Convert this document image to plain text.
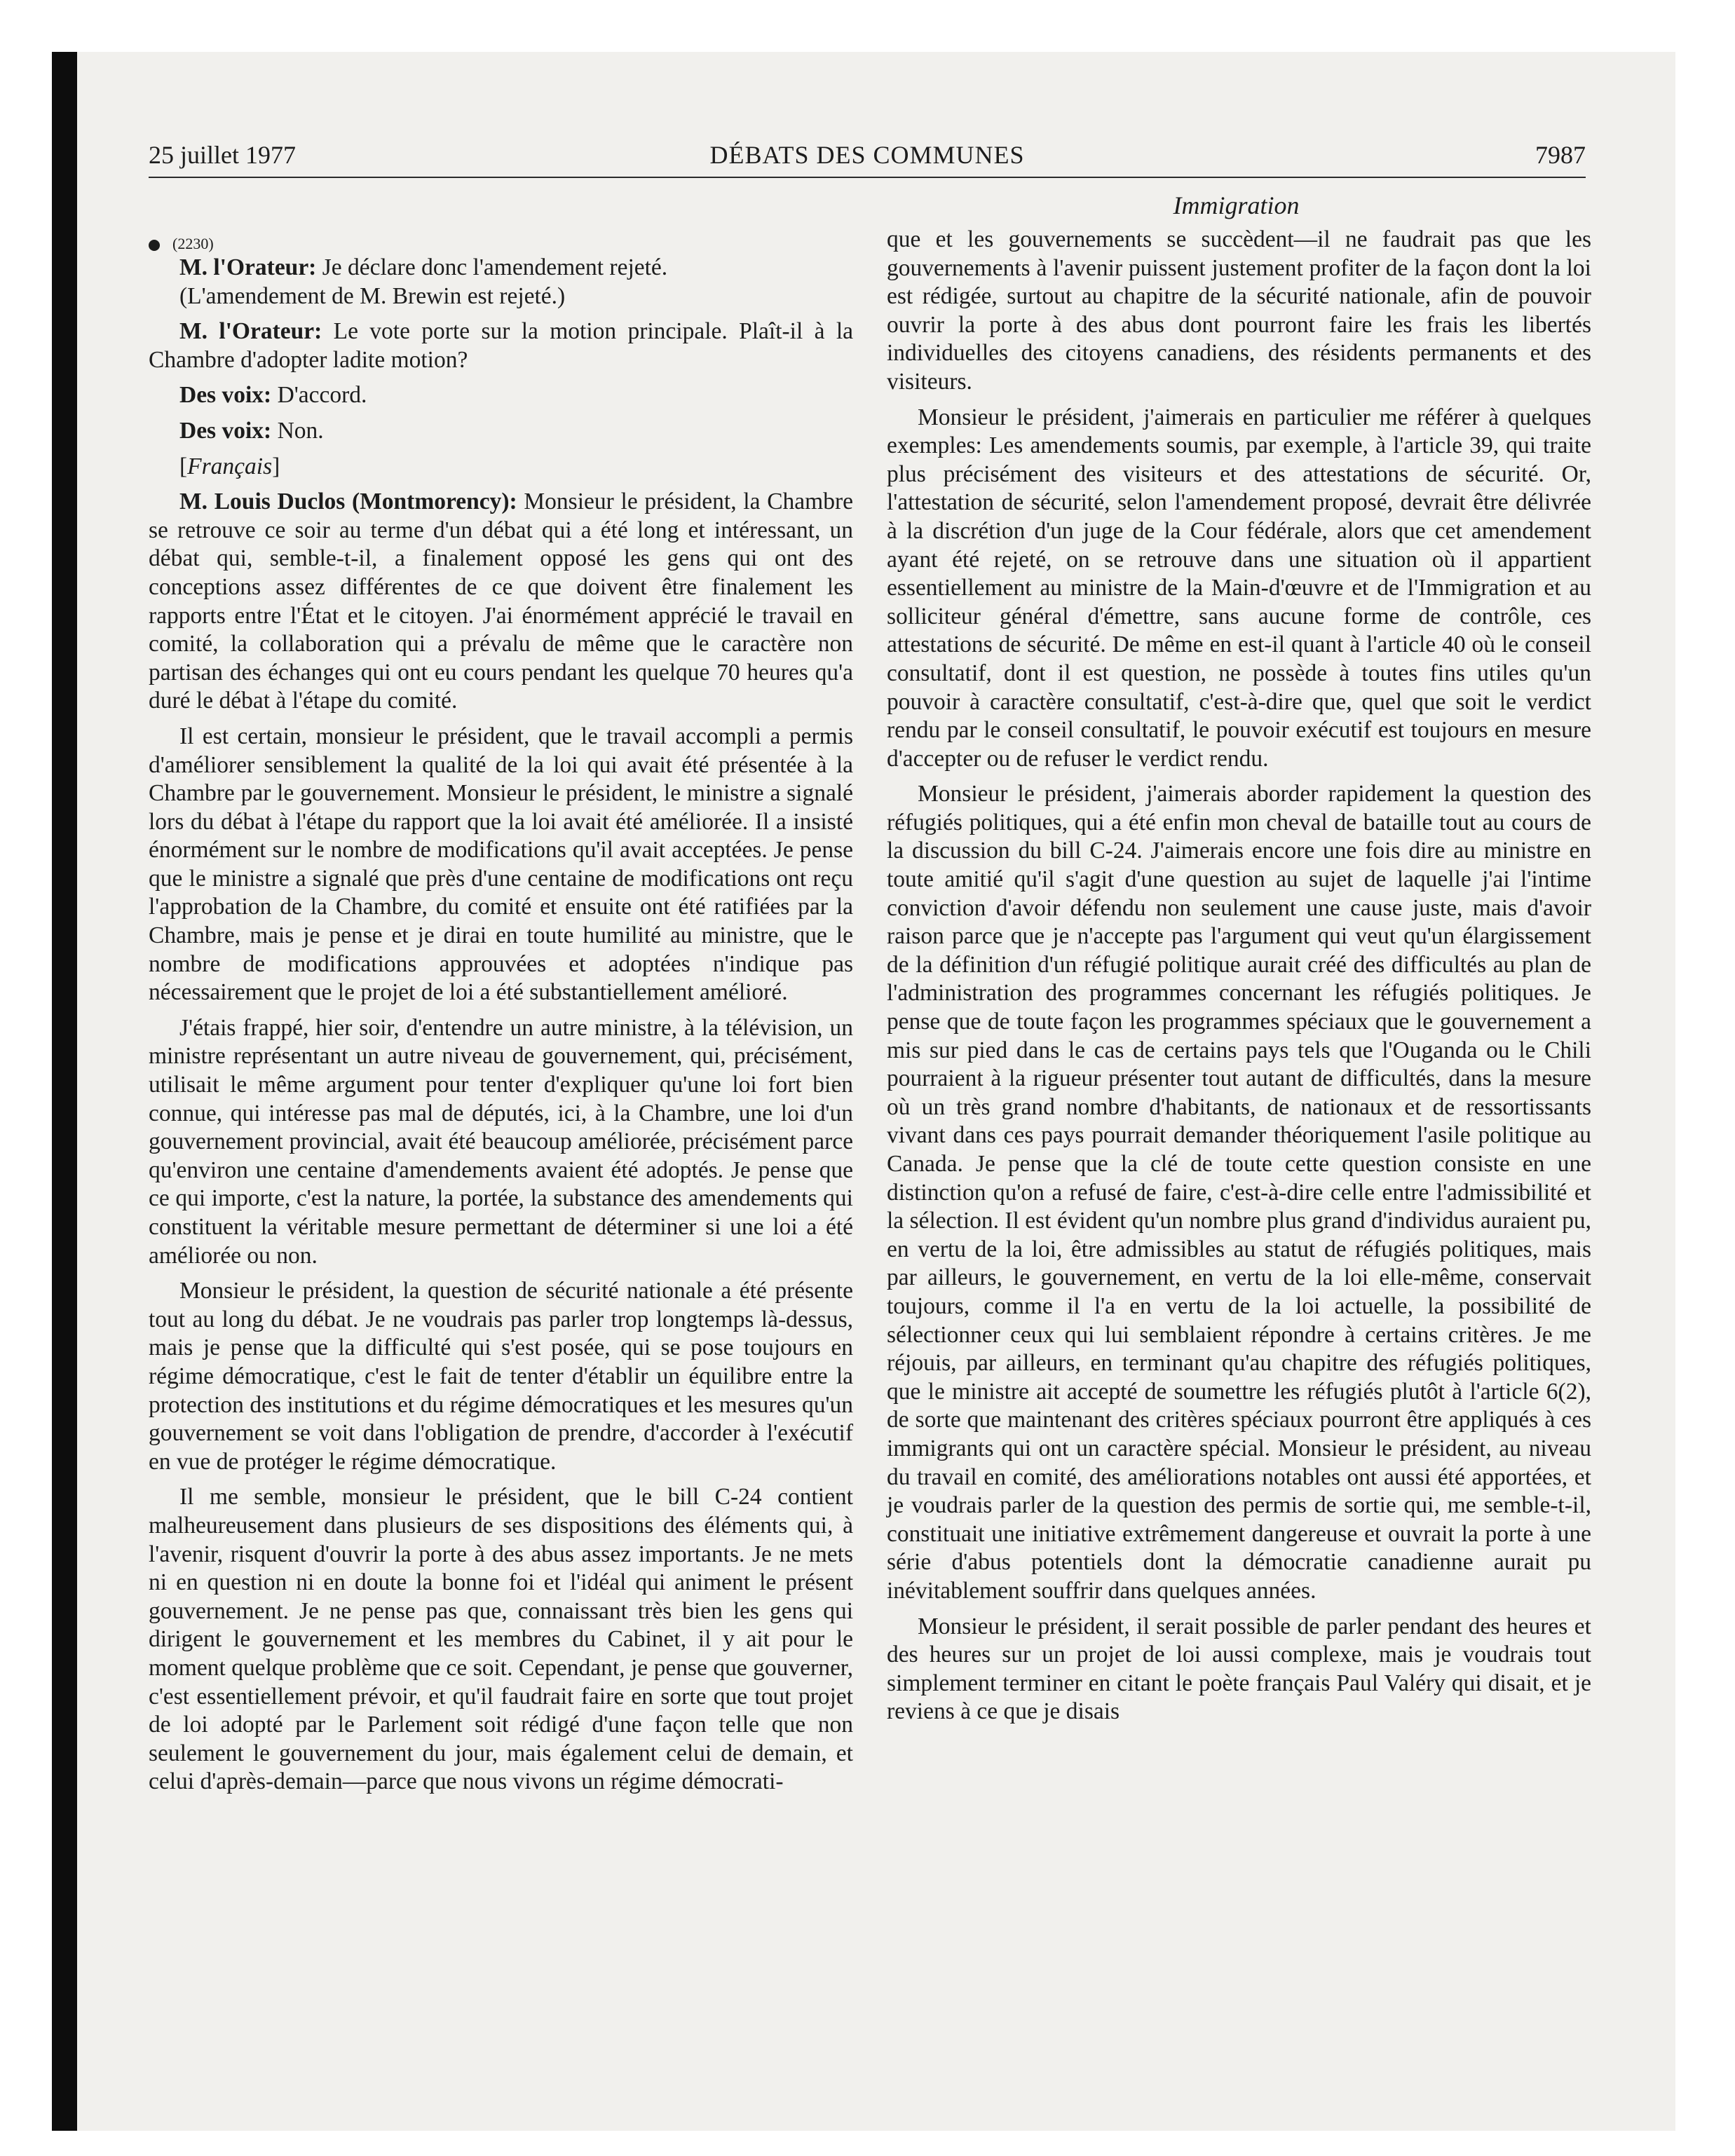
25 juillet 1977	DÉBATS DES COMMUNES	7987
Immigration
(2230)

M. l'Orateur: Je déclare donc l'amendement rejeté.

(L'amendement de M. Brewin est rejeté.)

M. l'Orateur: Le vote porte sur la motion principale. Plaît-il à la Chambre d'adopter ladite motion?

Des voix: D'accord.

Des voix: Non.

[Français]

M. Louis Duclos (Montmorency): Monsieur le président, la Chambre se retrouve ce soir au terme d'un débat qui a été long et intéressant, un débat qui, semble-t-il, a finalement opposé les gens qui ont des conceptions assez différentes de ce que doivent être finalement les rapports entre l'État et le citoyen. J'ai énormément apprécié le travail en comité, la collaboration qui a prévalu de même que le caractère non partisan des échanges qui ont eu cours pendant les quelque 70 heures qu'a duré le débat à l'étape du comité.

Il est certain, monsieur le président, que le travail accompli a permis d'améliorer sensiblement la qualité de la loi qui avait été présentée à la Chambre par le gouvernement. Monsieur le président, le ministre a signalé lors du débat à l'étape du rapport que la loi avait été améliorée. Il a insisté énormément sur le nombre de modifications qu'il avait acceptées. Je pense que le ministre a signalé que près d'une centaine de modifications ont reçu l'approbation de la Chambre, du comité et ensuite ont été ratifiées par la Chambre, mais je pense et je dirai en toute humilité au ministre, que le nombre de modifications approuvées et adoptées n'indique pas nécessairement que le projet de loi a été substantiellement amélioré.

J'étais frappé, hier soir, d'entendre un autre ministre, à la télévision, un ministre représentant un autre niveau de gouvernement, qui, précisément, utilisait le même argument pour tenter d'expliquer qu'une loi fort bien connue, qui intéresse pas mal de députés, ici, à la Chambre, une loi d'un gouvernement provincial, avait été beaucoup améliorée, précisément parce qu'environ une centaine d'amendements avaient été adoptés. Je pense que ce qui importe, c'est la nature, la portée, la substance des amendements qui constituent la véritable mesure permettant de déterminer si une loi a été améliorée ou non.

Monsieur le président, la question de sécurité nationale a été présente tout au long du débat. Je ne voudrais pas parler trop longtemps là-dessus, mais je pense que la difficulté qui s'est posée, qui se pose toujours en régime démocratique, c'est le fait de tenter d'établir un équilibre entre la protection des institutions et du régime démocratiques et les mesures qu'un gouvernement se voit dans l'obligation de prendre, d'accorder à l'exécutif en vue de protéger le régime démocratique.

Il me semble, monsieur le président, que le bill C-24 contient malheureusement dans plusieurs de ses dispositions des éléments qui, à l'avenir, risquent d'ouvrir la porte à des abus assez importants. Je ne mets ni en question ni en doute la bonne foi et l'idéal qui animent le présent gouvernement. Je ne pense pas que, connaissant très bien les gens qui dirigent le gouvernement et les membres du Cabinet, il y ait pour le moment quelque problème que ce soit. Cependant, je pense que gouverner, c'est essentiellement prévoir, et qu'il faudrait faire en sorte que tout projet de loi adopté par le Parlement soit rédigé d'une façon telle que non seulement le gouvernement du jour, mais également celui de demain, et celui d'après-demain—parce que nous vivons un régime démocrati-

que et les gouvernements se succèdent—il ne faudrait pas que les gouvernements à l'avenir puissent justement profiter de la façon dont la loi est rédigée, surtout au chapitre de la sécurité nationale, afin de pouvoir ouvrir la porte à des abus dont pourront faire les frais les libertés individuelles des citoyens canadiens, des résidents permanents et des visiteurs.

Monsieur le président, j'aimerais en particulier me référer à quelques exemples: Les amendements soumis, par exemple, à l'article 39, qui traite plus précisément des visiteurs et des attestations de sécurité. Or, l'attestation de sécurité, selon l'amendement proposé, devrait être délivrée à la discrétion d'un juge de la Cour fédérale, alors que cet amendement ayant été rejeté, on se retrouve dans une situation où il appartient essentiellement au ministre de la Main-d'œuvre et de l'Immigration et au solliciteur général d'émettre, sans aucune forme de contrôle, ces attestations de sécurité. De même en est-il quant à l'article 40 où le conseil consultatif, dont il est question, ne possède à toutes fins utiles qu'un pouvoir à caractère consultatif, c'est-à-dire que, quel que soit le verdict rendu par le conseil consultatif, le pouvoir exécutif est toujours en mesure d'accepter ou de refuser le verdict rendu.

Monsieur le président, j'aimerais aborder rapidement la question des réfugiés politiques, qui a été enfin mon cheval de bataille tout au cours de la discussion du bill C-24. J'aimerais encore une fois dire au ministre en toute amitié qu'il s'agit d'une question au sujet de laquelle j'ai l'intime conviction d'avoir défendu non seulement une cause juste, mais d'avoir raison parce que je n'accepte pas l'argument qui veut qu'un élargissement de la définition d'un réfugié politique aurait créé des difficultés au plan de l'administration des programmes concernant les réfugiés politiques. Je pense que de toute façon les programmes spéciaux que le gouvernement a mis sur pied dans le cas de certains pays tels que l'Ouganda ou le Chili pourraient à la rigueur présenter tout autant de difficultés, dans la mesure où un très grand nombre d'habitants, de nationaux et de ressortissants vivant dans ces pays pourrait demander théoriquement l'asile politique au Canada. Je pense que la clé de toute cette question consiste en une distinction qu'on a refusé de faire, c'est-à-dire celle entre l'admissibilité et la sélection. Il est évident qu'un nombre plus grand d'individus auraient pu, en vertu de la loi, être admissibles au statut de réfugiés politiques, mais par ailleurs, le gouvernement, en vertu de la loi elle-même, conservait toujours, comme il l'a en vertu de la loi actuelle, la possibilité de sélectionner ceux qui lui semblaient répondre à certains critères. Je me réjouis, par ailleurs, en terminant qu'au chapitre des réfugiés politiques, que le ministre ait accepté de soumettre les réfugiés plutôt à l'article 6(2), de sorte que maintenant des critères spéciaux pourront être appliqués à ces immigrants qui ont un caractère spécial. Monsieur le président, au niveau du travail en comité, des améliorations notables ont aussi été apportées, et je voudrais parler de la question des permis de sortie qui, me semble-t-il, constituait une initiative extrêmement dangereuse et ouvrait la porte à une série d'abus potentiels dont la démocratie canadienne aurait pu inévitablement souffrir dans quelques années.

Monsieur le président, il serait possible de parler pendant des heures et des heures sur un projet de loi aussi complexe, mais je voudrais tout simplement terminer en citant le poète français Paul Valéry qui disait, et je reviens à ce que je disais
